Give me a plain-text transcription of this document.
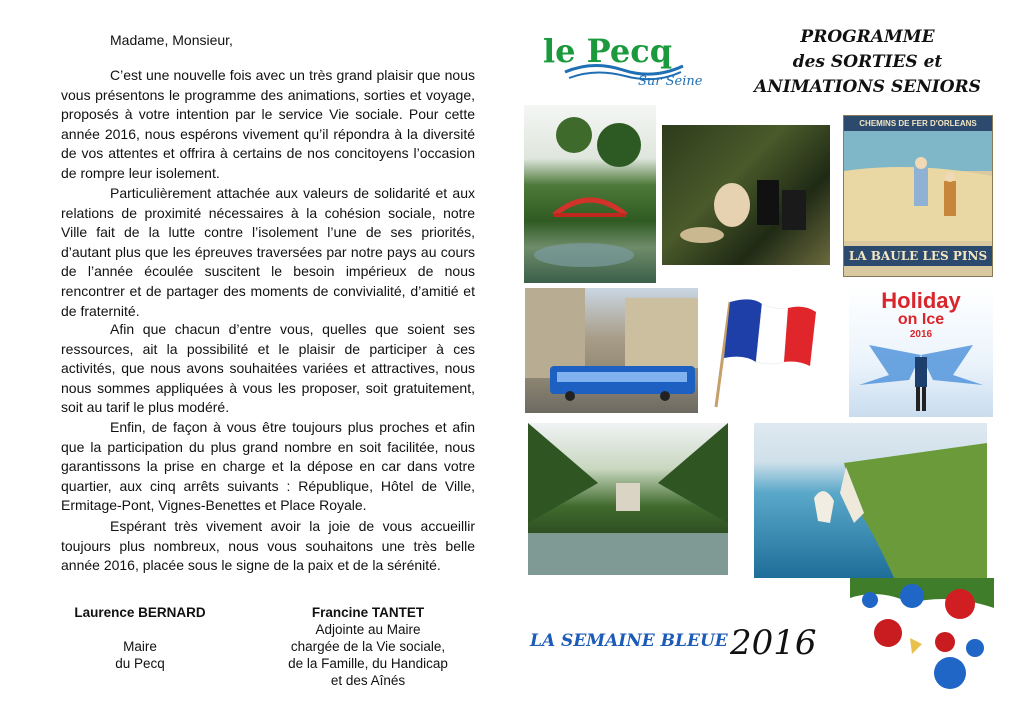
Madame, Monsieur,

C’est une nouvelle fois avec un très grand plaisir que nous vous présentons le programme des animations, sorties et voyage, proposés à votre intention par le service Vie sociale. Pour cette année 2016, nous espérons vivement qu’il répondra à la diversité de vos attentes et offrira à certains de nos concitoyens l’occasion de rompre leur isolement.

Particulièrement attachée aux valeurs de solidarité et aux relations de proximité nécessaires à la cohésion sociale, notre Ville fait de la lutte contre l’isolement l’une de ses priorités, d’autant plus que les épreuves traversées par notre pays au cours de l’année écoulée suscitent le besoin impérieux de nous rencontrer et de partager des moments de convivialité, d’amitié et de fraternité.

Afin que chacun d’entre vous, quelles que soient ses ressources, ait la possibilité et le plaisir de participer à ces activités, que nous avons souhaitées variées et attractives, nous nous sommes appliquées à vous les proposer, soit gratuitement, soit au tarif le plus modéré.

Enfin, de façon à vous être toujours plus proches et afin que la participation du plus grand nombre en soit facilitée, nous garantissons la prise en charge et la dépose en car dans votre quartier, aux cinq arrêts suivants : République, Hôtel de Ville, Ermitage-Pont, Vignes-Benettes et Place Royale.

Espérant très vivement avoir la joie de vous accueillir toujours plus nombreux, nous vous souhaitons une très belle année 2016, placée sous le signe de la paix et de la sérénité.

Laurence BERNARD
Maire
du Pecq
Francine TANTET
Adjointe au Maire
chargée de la Vie sociale,
de la Famille, du Handicap
et des Aînés
le Pecq
Sur Seine
PROGRAMME
des SORTIES et
ANIMATIONS SENIORS
CHEMINS DE FER D'ORLEANS
LA BAULE LES PINS
Holiday
on Ice
2016
LA SEMAINE BLEUE 2016
